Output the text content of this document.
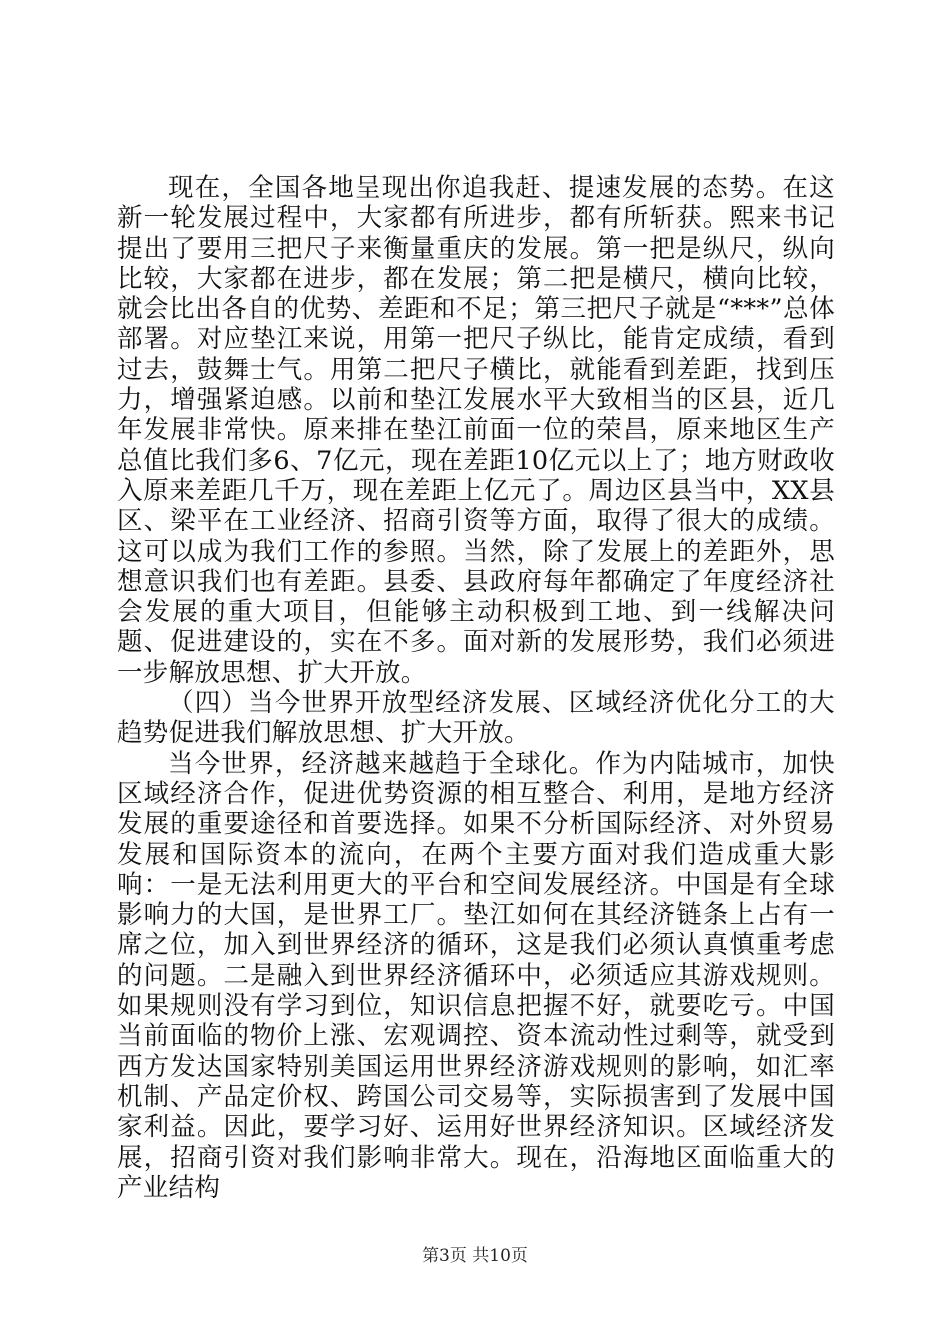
现在，全国各地呈现出你追我赶、提速发展的态势。在这新一轮发展过程中，大家都有所进步，都有所斩获。熙来书记提出了要用三把尺子来衡量重庆的发展。第一把是纵尺，纵向比较，大家都在进步，都在发展；第二把是横尺，横向比较，就会比出各自的优势、差距和不足；第三把尺子就是“***”总体部署。对应垫江来说，用第一把尺子纵比，能肯定成绩，看到过去，鼓舞士气。用第二把尺子横比，就能看到差距，找到压力，增强紧迫感。以前和垫江发展水平大致相当的区县，近几年发展非常快。原来排在垫江前面一位的荣昌，原来地区生产总值比我们多6、7亿元，现在差距10亿元以上了；地方财政收入原来差距几千万，现在差距上亿元了。周边区县当中，XX县区、梁平在工业经济、招商引资等方面，取得了很大的成绩。这可以成为我们工作的参照。当然，除了发展上的差距外，思想意识我们也有差距。县委、县政府每年都确定了年度经济社会发展的重大项目，但能够主动积极到工地、到一线解决问题、促进建设的，实在不多。面对新的发展形势，我们必须进一步解放思想、扩大开放。

（四）当今世界开放型经济发展、区域经济优化分工的大趋势促进我们解放思想、扩大开放。

当今世界，经济越来越趋于全球化。作为内陆城市，加快区域经济合作，促进优势资源的相互整合、利用，是地方经济发展的重要途径和首要选择。如果不分析国际经济、对外贸易发展和国际资本的流向，在两个主要方面对我们造成重大影响：一是无法利用更大的平台和空间发展经济。中国是有全球影响力的大国，是世界工厂。垫江如何在其经济链条上占有一席之位，加入到世界经济的循环，这是我们必须认真慎重考虑的问题。二是融入到世界经济循环中，必须适应其游戏规则。如果规则没有学习到位，知识信息把握不好，就要吃亏。中国当前面临的物价上涨、宏观调控、资本流动性过剩等，就受到西方发达国家特别美国运用世界经济游戏规则的影响，如汇率机制、产品定价权、跨国公司交易等，实际损害到了发展中国家利益。因此，要学习好、运用好世界经济知识。区域经济发展，招商引资对我们影响非常大。现在，沿海地区面临重大的产业结构

第3页 共10页
